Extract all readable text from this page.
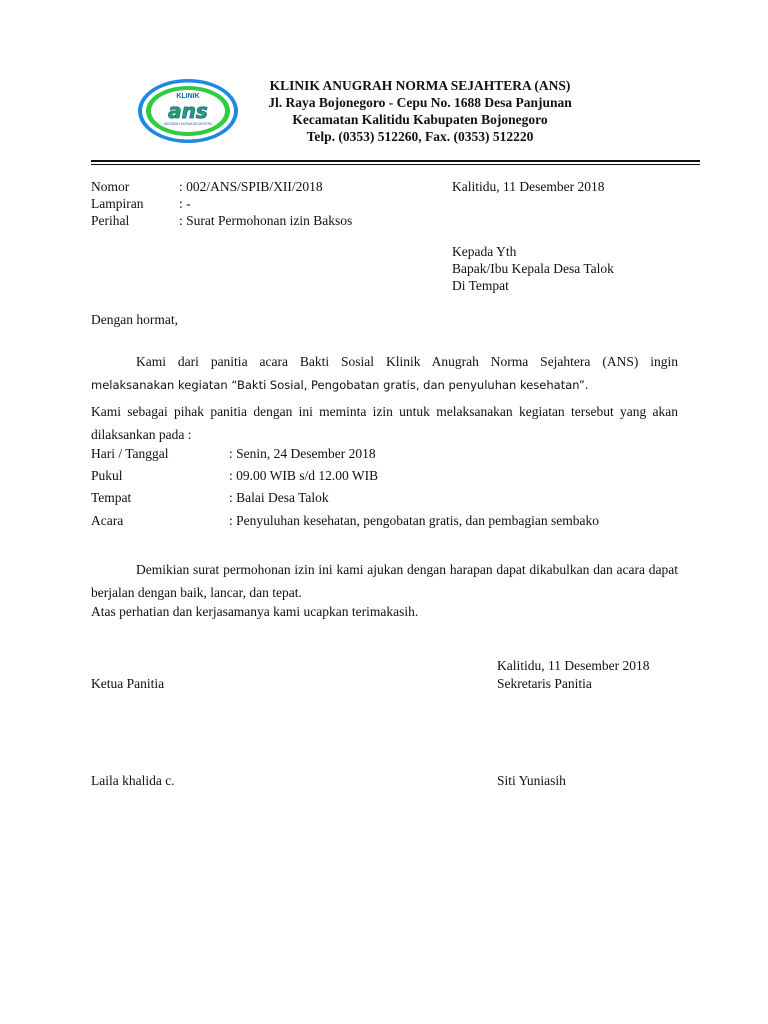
KLINIK
ans
ANUGRAH NORMA SEJAHTERA
KLINIK ANUGRAH NORMA SEJAHTERA (ANS)
Jl. Raya Bojonegoro - Cepu No. 1688 Desa Panjunan
Kecamatan Kalitidu Kabupaten Bojonegoro
Telp. (0353) 512260, Fax. (0353) 512220
Nomor	: 002/ANS/SPIB/XII/2018	Kalitidu, 11 Desember 2018
Lampiran	: -
Perihal	: Surat Permohonan izin Baksos
Kepada Yth
Bapak/Ibu Kepala Desa Talok
Di Tempat
Dengan hormat,
Kami dari panitia acara Bakti Sosial Klinik Anugrah Norma Sejahtera (ANS) ingin
melaksanakan kegiatan “Bakti Sosial, Pengobatan gratis, dan penyuluhan kesehatan”.
Kami sebagai pihak panitia dengan ini meminta izin untuk melaksanakan kegiatan tersebut yang akan dilaksankan pada :
Hari / Tanggal	: Senin, 24 Desember 2018
Pukul	: 09.00 WIB s/d 12.00 WIB
Tempat	: Balai Desa Talok
Acara	: Penyuluhan kesehatan, pengobatan gratis, dan pembagian sembako
Demikian surat permohonan izin ini kami ajukan dengan harapan dapat dikabulkan dan acara dapat berjalan dengan baik, lancar, dan tepat.
Atas perhatian dan kerjasamanya kami ucapkan terimakasih.
Kalitidu, 11 Desember 2018
Ketua Panitia	Sekretaris Panitia
Laila khalida c.	Siti Yuniasih
